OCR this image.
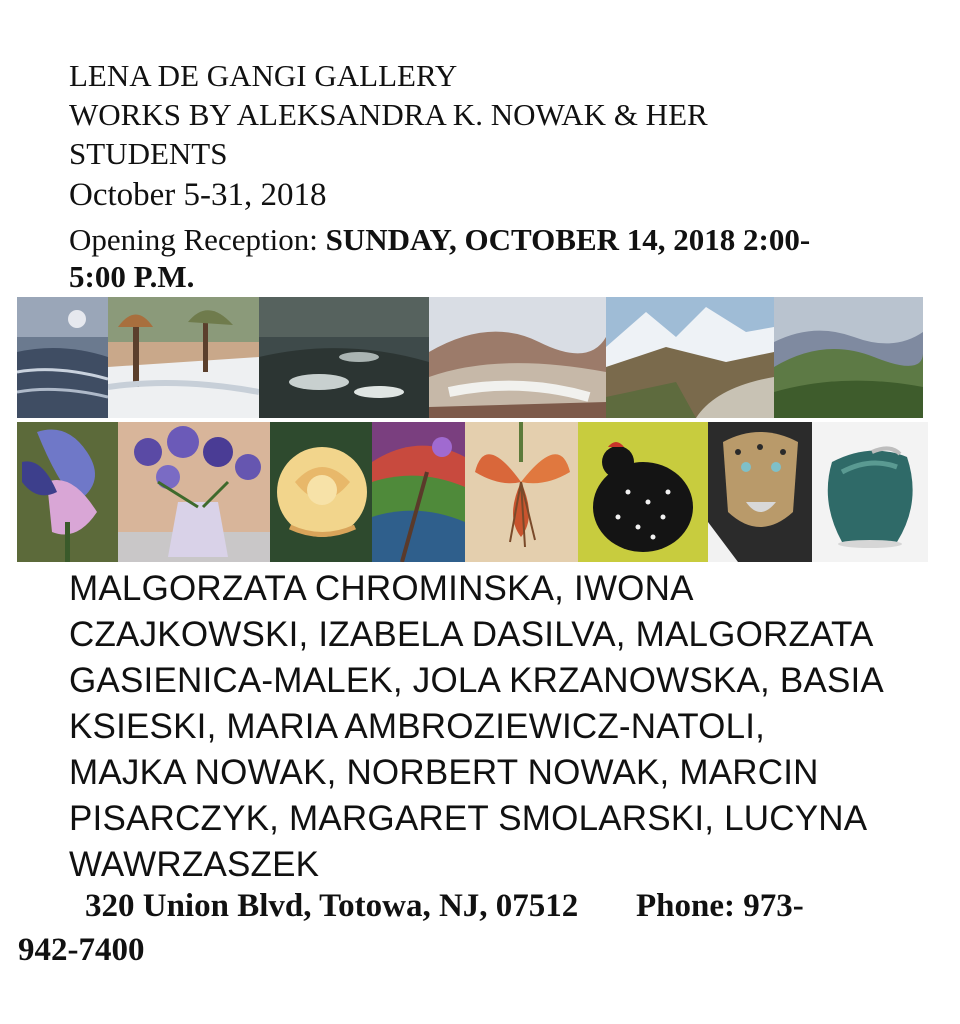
LENA DE GANGI GALLERY
WORKS BY ALEKSANDRA K. NOWAK & HER
STUDENTS
October 5-31, 2018
Opening Reception: SUNDAY, OCTOBER 14, 2018 2:00-
5:00 P.M.
MALGORZATA CHROMINSKA, IWONA
CZAJKOWSKI, IZABELA DASILVA, MALGORZATA
GASIENICA-MALEK, JOLA KRZANOWSKA, BASIA
KSIESKI, MARIA AMBROZIEWICZ-NATOLI,
MAJKA NOWAK, NORBERT NOWAK, MARCIN
PISARCZYK, MARGARET SMOLARSKI, LUCYNA
WAWRZASZEK
320 Union Blvd, Totowa, NJ, 07512       Phone: 973-
942-7400
